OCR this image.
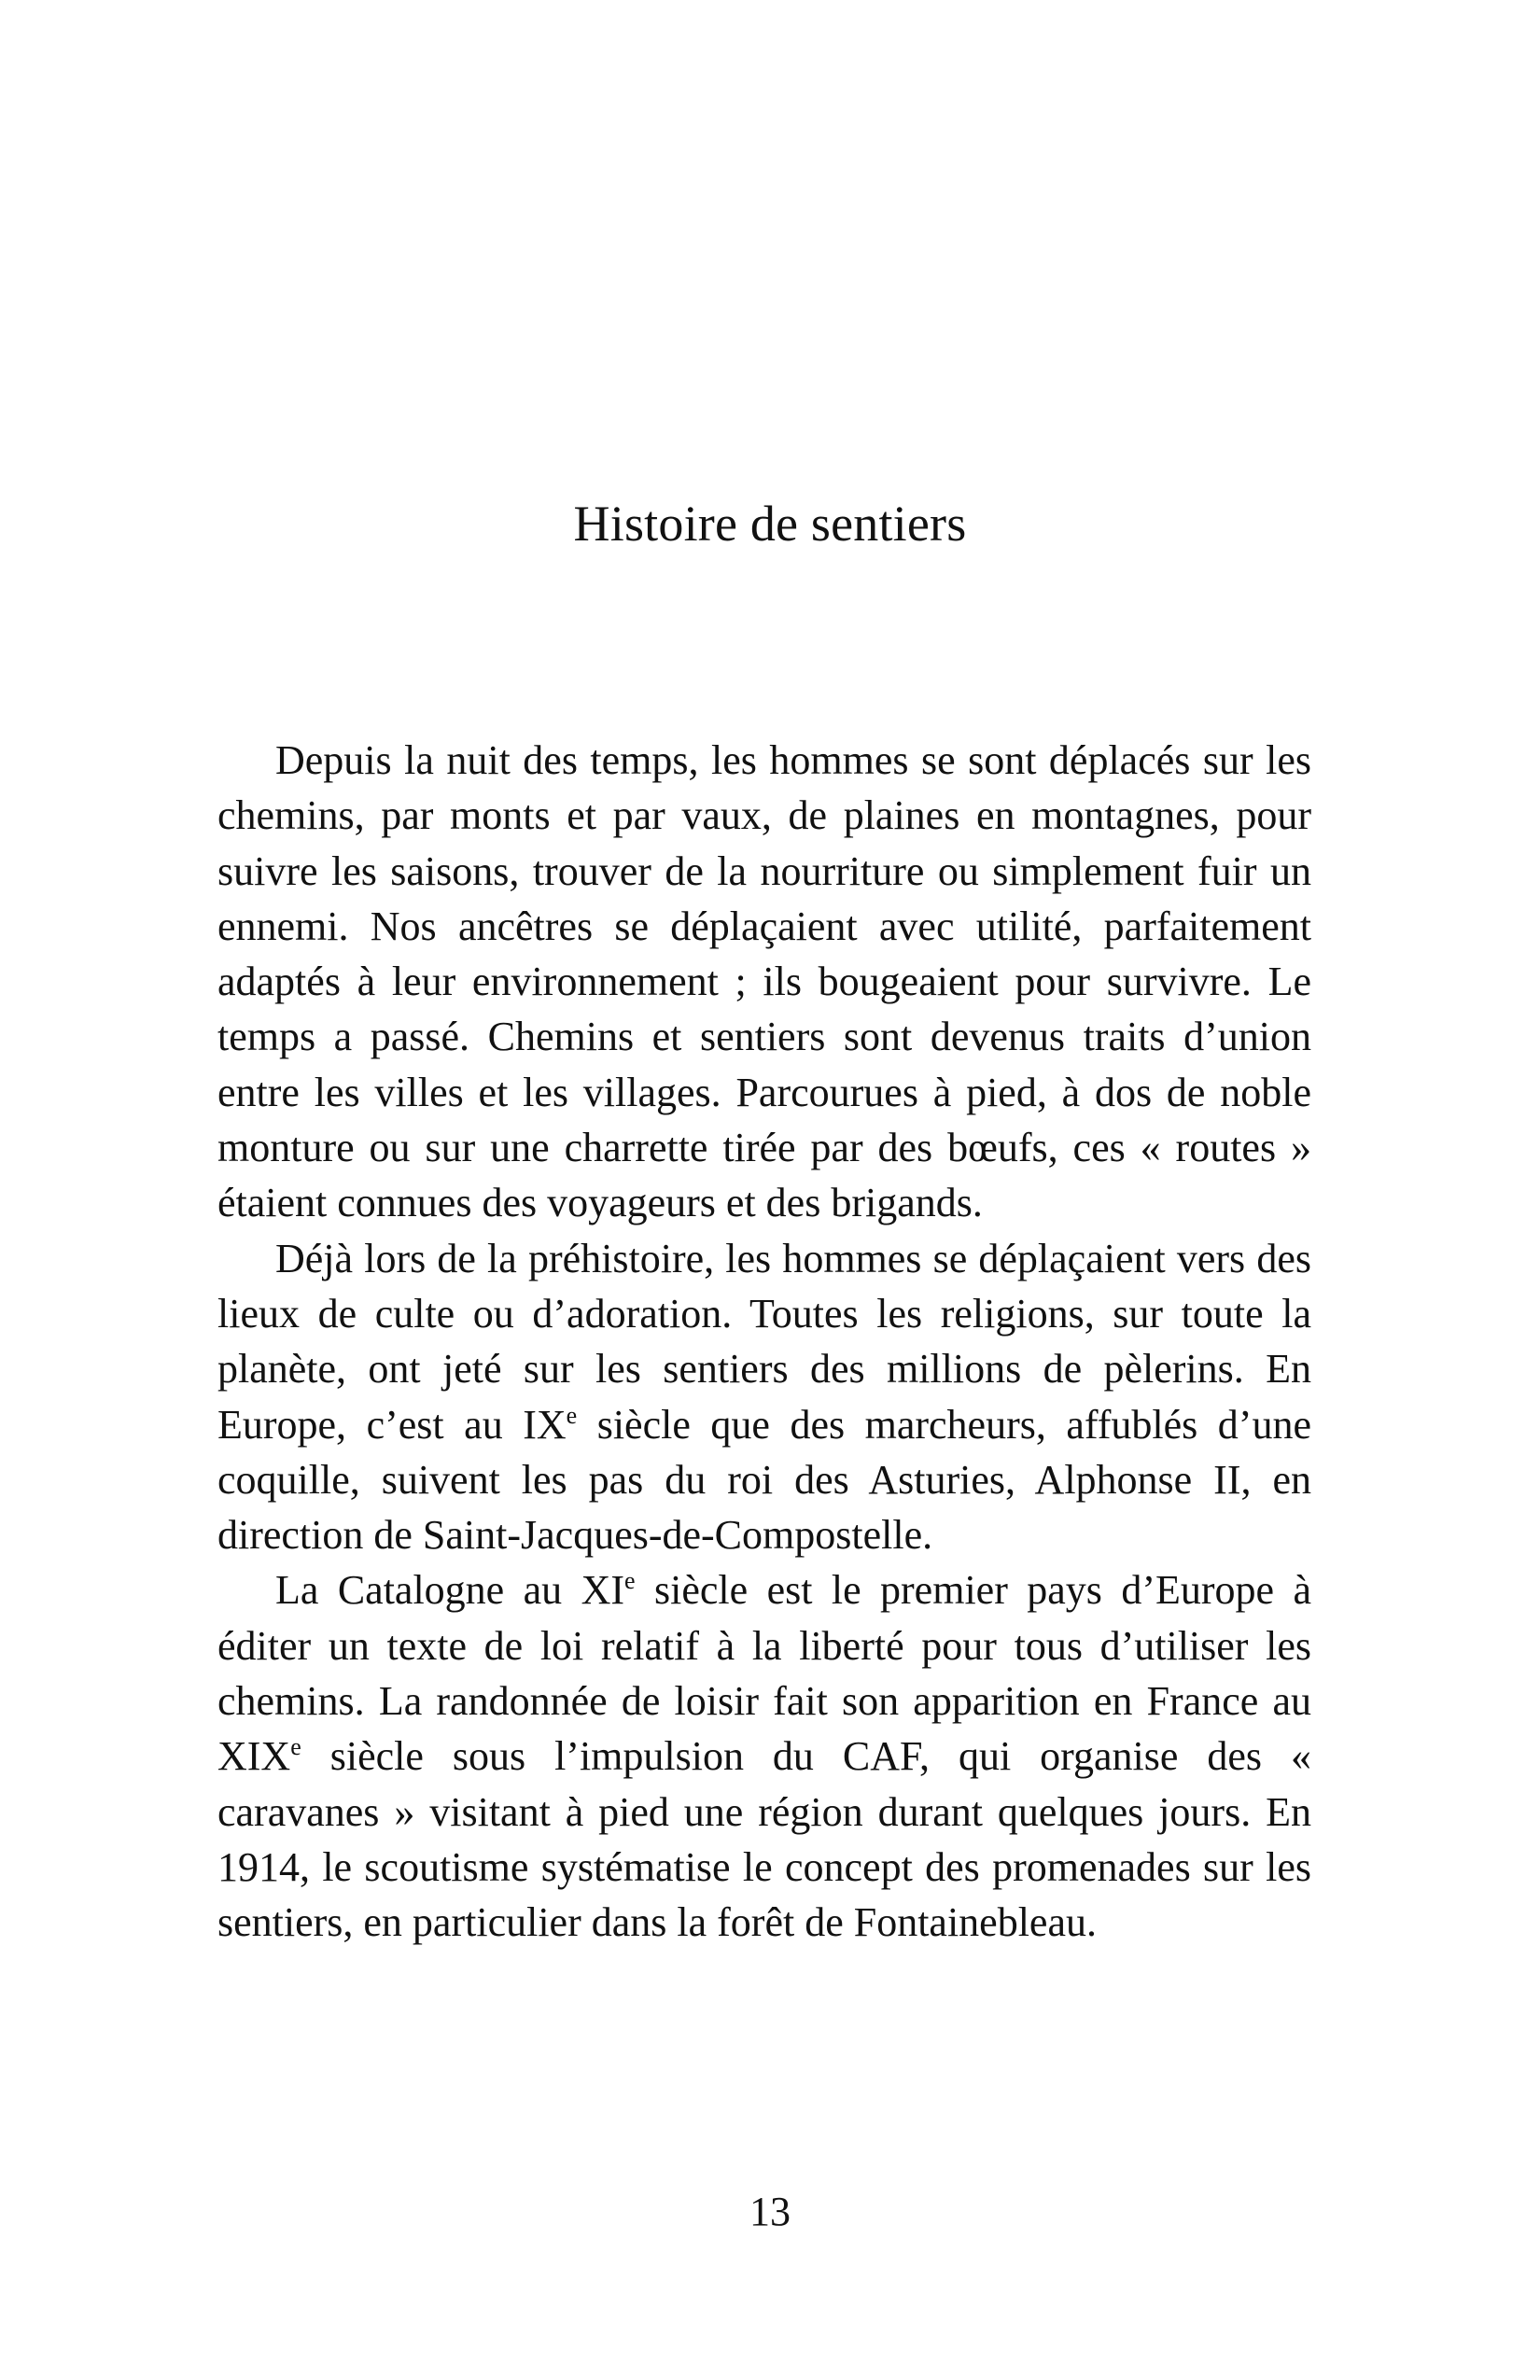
Histoire de sentiers

Depuis la nuit des temps, les hommes se sont déplacés sur les chemins, par monts et par vaux, de plaines en montagnes, pour suivre les saisons, trouver de la nourriture ou simplement fuir un ennemi. Nos ancêtres se déplaçaient avec utilité, parfaitement adaptés à leur environnement ; ils bougeaient pour survivre. Le temps a passé. Chemins et sentiers sont devenus traits d’union entre les villes et les villages. Parcourues à pied, à dos de noble monture ou sur une charrette tirée par des bœufs, ces « routes » étaient connues des voyageurs et des brigands.

Déjà lors de la préhistoire, les hommes se déplaçaient vers des lieux de culte ou d’adoration. Toutes les religions, sur toute la planète, ont jeté sur les sentiers des millions de pèlerins. En Europe, c’est au IXe siècle que des marcheurs, affublés d’une coquille, suivent les pas du roi des Asturies, Alphonse II, en direction de Saint-Jacques-de-Compostelle.

La Catalogne au XIe siècle est le premier pays d’Europe à éditer un texte de loi relatif à la liberté pour tous d’utiliser les chemins. La randonnée de loisir fait son apparition en France au XIXe siècle sous l’impulsion du CAF, qui organise des « caravanes » visitant à pied une région durant quelques jours. En 1914, le scoutisme systématise le concept des promenades sur les sentiers, en particulier dans la forêt de Fontainebleau.

13
